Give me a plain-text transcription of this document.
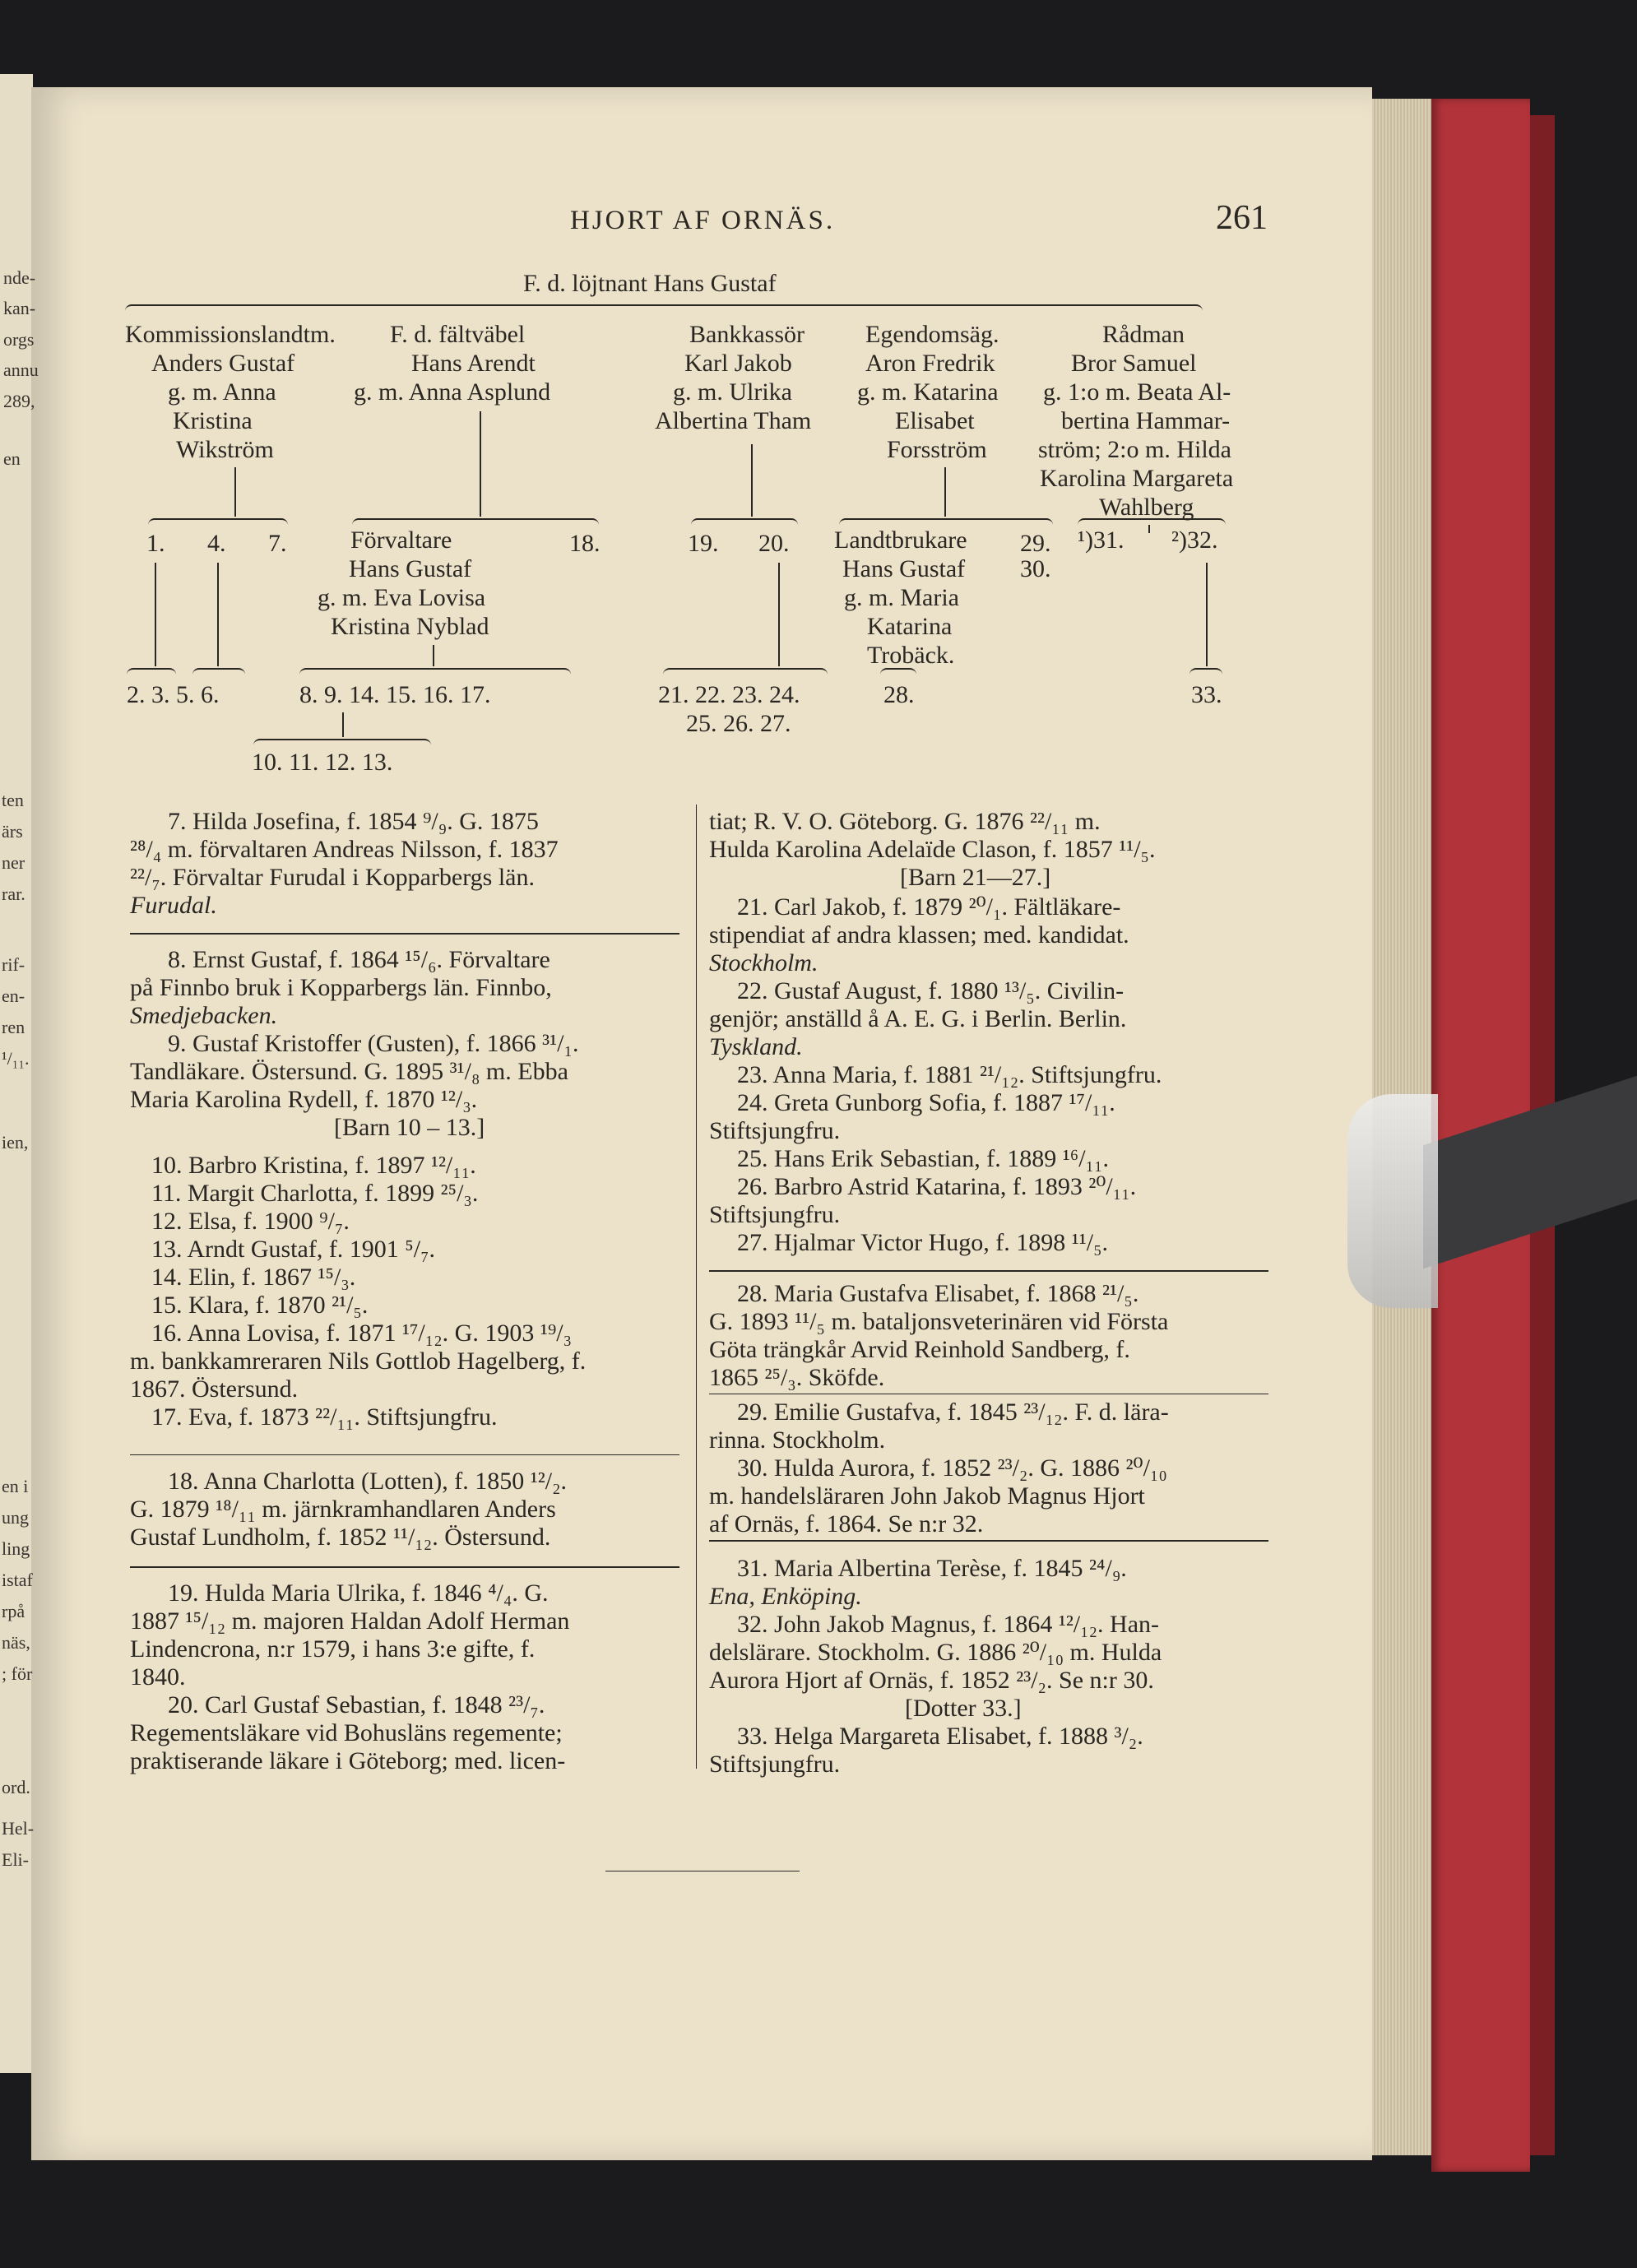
nde-
kan-
orgs
annu
289,
en
ten
ärs
ner
rar.
rif-
en-
ren
¹/₁₁.
ien,
en i
ung
ling
istaf
rpå
näs,
; för
ord.
Hel-
Eli-
HJORT AF ORNÄS.	261
F. d. löjtnant Hans Gustaf
Kommissionslandtm.
Anders Gustaf
g. m. Anna
Kristina
Wikström
F. d. fältväbel
Hans Arendt
g. m. Anna Asplund
Bankkassör
Karl Jakob
g. m. Ulrika
Albertina Tham
Egendomsäg.
Aron Fredrik
g. m. Katarina
Elisabet
Forsström
Rådman
Bror Samuel
g. 1:o m. Beata Al-
bertina Hammar-
ström; 2:o m. Hilda
Karolina Margareta
Wahlberg
1. 4. 7.	Förvaltare	18.
Hans Gustaf
g. m. Eva Lovisa
Kristina Nyblad
19. 20. Landtbrukare 29.
Hans Gustaf 30.
g. m. Maria
Katarina
Trobäck.
¹)31. ²)32.
2. 3. 5. 6.	8. 9. 14. 15. 16. 17.	21. 22. 23. 24.
25. 26. 27.
28.	33.
10. 11. 12. 13.
7. Hilda Josefina, f. 1854 ⁹/₉. G. 1875
²⁸/₄ m. förvaltaren Andreas Nilsson, f. 1837
²²/₇. Förvaltar Furudal i Kopparbergs län.
Furudal.
8. Ernst Gustaf, f. 1864 ¹⁵/₆. Förvaltare
på Finnbo bruk i Kopparbergs län. Finnbo,
Smedjebacken.
9. Gustaf Kristoffer (Gusten), f. 1866 ³¹/₁.
Tandläkare. Östersund. G. 1895 ³¹/₈ m. Ebba
Maria Karolina Rydell, f. 1870 ¹²/₃.
[Barn 10 – 13.]
10. Barbro Kristina, f. 1897 ¹²/₁₁.
11. Margit Charlotta, f. 1899 ²⁵/₃.
12. Elsa, f. 1900 ⁹/₇.
13. Arndt Gustaf, f. 1901 ⁵/₇.
14. Elin, f. 1867 ¹⁵/₃.
15. Klara, f. 1870 ²¹/₅.
16. Anna Lovisa, f. 1871 ¹⁷/₁₂. G. 1903 ¹⁹/₃
m. bankkamreraren Nils Gottlob Hagelberg, f.
1867. Östersund.
17. Eva, f. 1873 ²²/₁₁. Stiftsjungfru.
18. Anna Charlotta (Lotten), f. 1850 ¹²/₂.
G. 1879 ¹⁸/₁₁ m. järnkramhandlaren Anders
Gustaf Lundholm, f. 1852 ¹¹/₁₂. Östersund.
19. Hulda Maria Ulrika, f. 1846 ⁴/₄. G.
1887 ¹⁵/₁₂ m. majoren Haldan Adolf Herman
Lindencrona, n:r 1579, i hans 3:e gifte, f.
1840.
20. Carl Gustaf Sebastian, f. 1848 ²³/₇.
Regementsläkare vid Bohusläns regemente;
praktiserande läkare i Göteborg; med. licen-
tiat; R. V. O. Göteborg. G. 1876 ²²/₁₁ m.
Hulda Karolina Adelaïde Clason, f. 1857 ¹¹/₅.
[Barn 21—27.]
21. Carl Jakob, f. 1879 ²⁰/₁. Fältläkare-
stipendiat af andra klassen; med. kandidat.
Stockholm.
22. Gustaf August, f. 1880 ¹³/₅. Civilin-
genjör; anställd å A. E. G. i Berlin. Berlin.
Tyskland.
23. Anna Maria, f. 1881 ²¹/₁₂. Stiftsjungfru.
24. Greta Gunborg Sofia, f. 1887 ¹⁷/₁₁.
Stiftsjungfru.
25. Hans Erik Sebastian, f. 1889 ¹⁶/₁₁.
26. Barbro Astrid Katarina, f. 1893 ²⁰/₁₁.
Stiftsjungfru.
27. Hjalmar Victor Hugo, f. 1898 ¹¹/₅.
28. Maria Gustafva Elisabet, f. 1868 ²¹/₅.
G. 1893 ¹¹/₅ m. bataljonsveterinären vid Första
Göta trängkår Arvid Reinhold Sandberg, f.
1865 ²⁵/₃. Sköfde.
29. Emilie Gustafva, f. 1845 ²³/₁₂. F. d. lära-
rinna. Stockholm.
30. Hulda Aurora, f. 1852 ²³/₂. G. 1886 ²⁰/₁₀
m. handelsläraren John Jakob Magnus Hjort
af Ornäs, f. 1864. Se n:r 32.
31. Maria Albertina Terèse, f. 1845 ²⁴/₉.
Ena, Enköping.
32. John Jakob Magnus, f. 1864 ¹²/₁₂. Han-
delslärare. Stockholm. G. 1886 ²⁰/₁₀ m. Hulda
Aurora Hjort af Ornäs, f. 1852 ²³/₂. Se n:r 30.
[Dotter 33.]
33. Helga Margareta Elisabet, f. 1888 ³/₂.
Stiftsjungfru.
